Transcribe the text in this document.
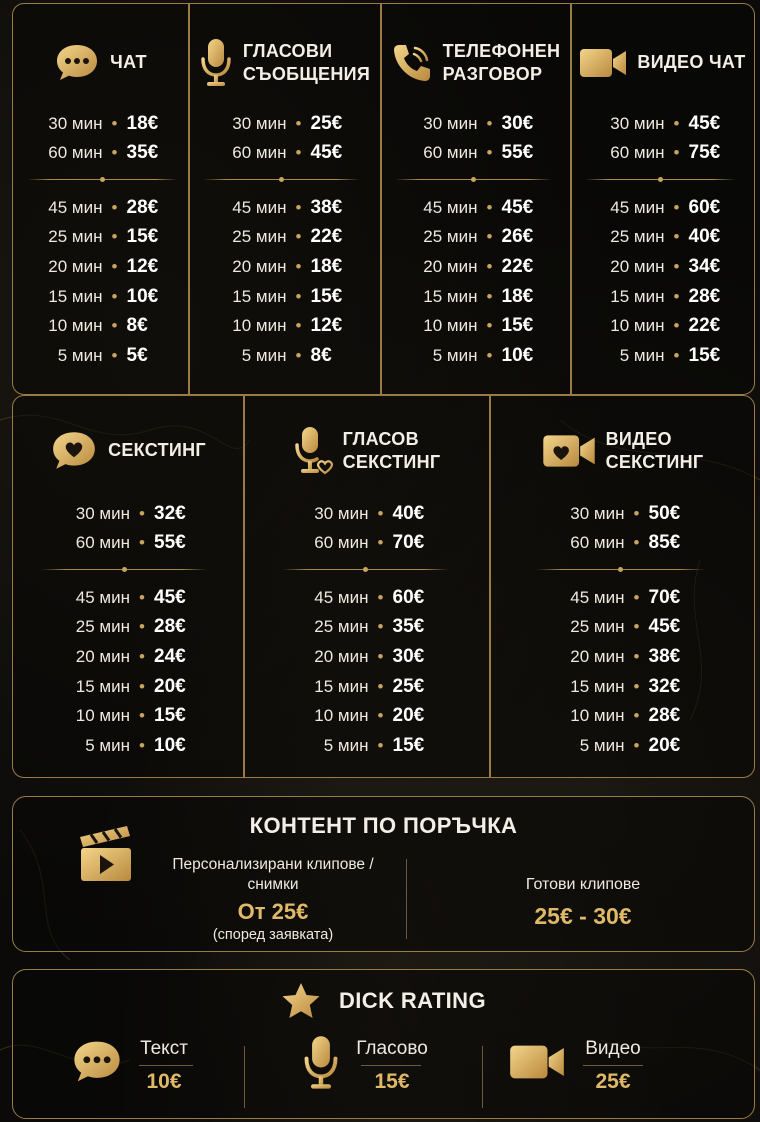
ЧАТ
30 мин • 18€
60 мин • 35€
45 мин • 28€
25 мин • 15€
20 мин • 12€
15 мин • 10€
10 мин • 8€
5 мин • 5€
ГЛАСОВИ
СЪОБЩЕНИЯ
30 мин • 25€
60 мин • 45€
45 мин • 38€
25 мин • 22€
20 мин • 18€
15 мин • 15€
10 мин • 12€
5 мин • 8€
ТЕЛЕФОНЕН
РАЗГОВОР
30 мин • 30€
60 мин • 55€
45 мин • 45€
25 мин • 26€
20 мин • 22€
15 мин • 18€
10 мин • 15€
5 мин • 10€
ВИДЕО ЧАТ
30 мин • 45€
60 мин • 75€
45 мин • 60€
25 мин • 40€
20 мин • 34€
15 мин • 28€
10 мин • 22€
5 мин • 15€
СЕКСТИНГ
30 мин • 32€
60 мин • 55€
45 мин • 45€
25 мин • 28€
20 мин • 24€
15 мин • 20€
10 мин • 15€
5 мин • 10€
ГЛАСОВ
СЕКСТИНГ
30 мин • 40€
60 мин • 70€
45 мин • 60€
25 мин • 35€
20 мин • 30€
15 мин • 25€
10 мин • 20€
5 мин • 15€
ВИДЕО
СЕКСТИНГ
30 мин • 50€
60 мин • 85€
45 мин • 70€
25 мин • 45€
20 мин • 38€
15 мин • 32€
10 мин • 28€
5 мин • 20€
КОНТЕНТ ПО ПОРЪЧКА
Персонализирани клипове /
снимки
От 25€
(според заявката)
Готови клипове
25€ - 30€
DICK RATING
Текст
10€
Гласово
15€
Видео
25€
